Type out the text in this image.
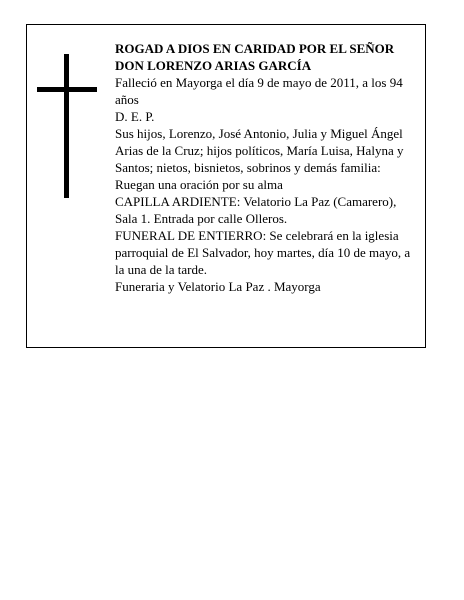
ROGAD A DIOS EN CARIDAD POR EL SEÑOR DON LORENZO ARIAS GARCÍA

Falleció en Mayorga el día 9 de mayo de 2011, a los 94 años

D. E. P.

Sus hijos, Lorenzo, José Antonio, Julia y Miguel Ángel Arias de la Cruz; hijos políticos, María Luisa, Halyna y Santos; nietos, bisnietos, sobrinos y demás familia:

Ruegan una oración por su alma

CAPILLA ARDIENTE: Velatorio La Paz (Camarero), Sala 1. Entrada por calle Olleros.

FUNERAL DE ENTIERRO: Se celebrará en la iglesia parroquial de El Salvador, hoy martes, día 10 de mayo, a la una de la tarde.

Funeraria y Velatorio La Paz . Mayorga
